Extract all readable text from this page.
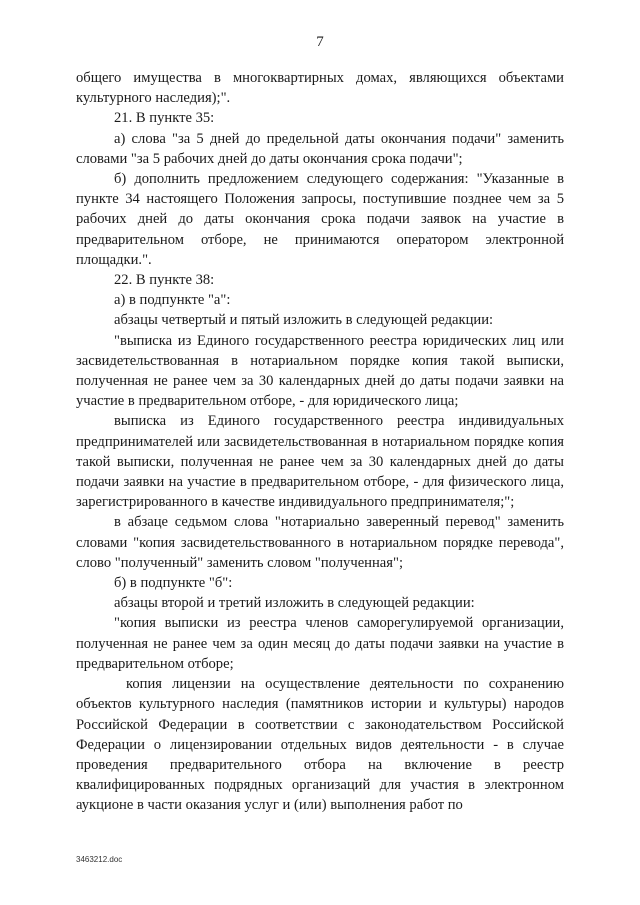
7

общего имущества в многоквартирных домах, являющихся объектами культурного наследия);".

21. В пункте 35:

а) слова "за 5 дней до предельной даты окончания подачи" заменить словами "за 5 рабочих дней до даты окончания срока подачи";

б) дополнить предложением следующего содержания: "Указанные в пункте 34 настоящего Положения запросы, поступившие позднее чем за 5 рабочих дней до даты окончания срока подачи заявок на участие в предварительном отборе, не принимаются оператором электронной площадки.".

22. В пункте 38:

а) в подпункте "а":

абзацы четвертый и пятый изложить в следующей редакции:

"выписка из Единого государственного реестра юридических лиц или засвидетельствованная в нотариальном порядке копия такой выписки, полученная не ранее чем за 30 календарных дней до даты подачи заявки на участие в предварительном отборе, - для юридического лица;

выписка из Единого государственного реестра индивидуальных предпринимателей или засвидетельствованная в нотариальном порядке копия такой выписки, полученная не ранее чем за 30 календарных дней до даты подачи заявки на участие в предварительном отборе, - для физического лица, зарегистрированного в качестве индивидуального предпринимателя;";

в абзаце седьмом слова "нотариально заверенный перевод" заменить словами "копия засвидетельствованного в нотариальном порядке перевода", слово "полученный" заменить словом "полученная";

б) в подпункте "б":

абзацы второй и третий изложить в следующей редакции:

"копия выписки из реестра членов саморегулируемой организации, полученная не ранее чем за один месяц до даты подачи заявки на участие в предварительном отборе;

копия лицензии на осуществление деятельности по сохранению объектов культурного наследия (памятников истории и культуры) народов Российской Федерации в соответствии с законодательством Российской Федерации о лицензировании отдельных видов деятельности - в случае проведения предварительного отбора на включение в реестр квалифицированных подрядных организаций для участия в электронном аукционе в части оказания услуг и (или) выполнения работ по

3463212.doc
